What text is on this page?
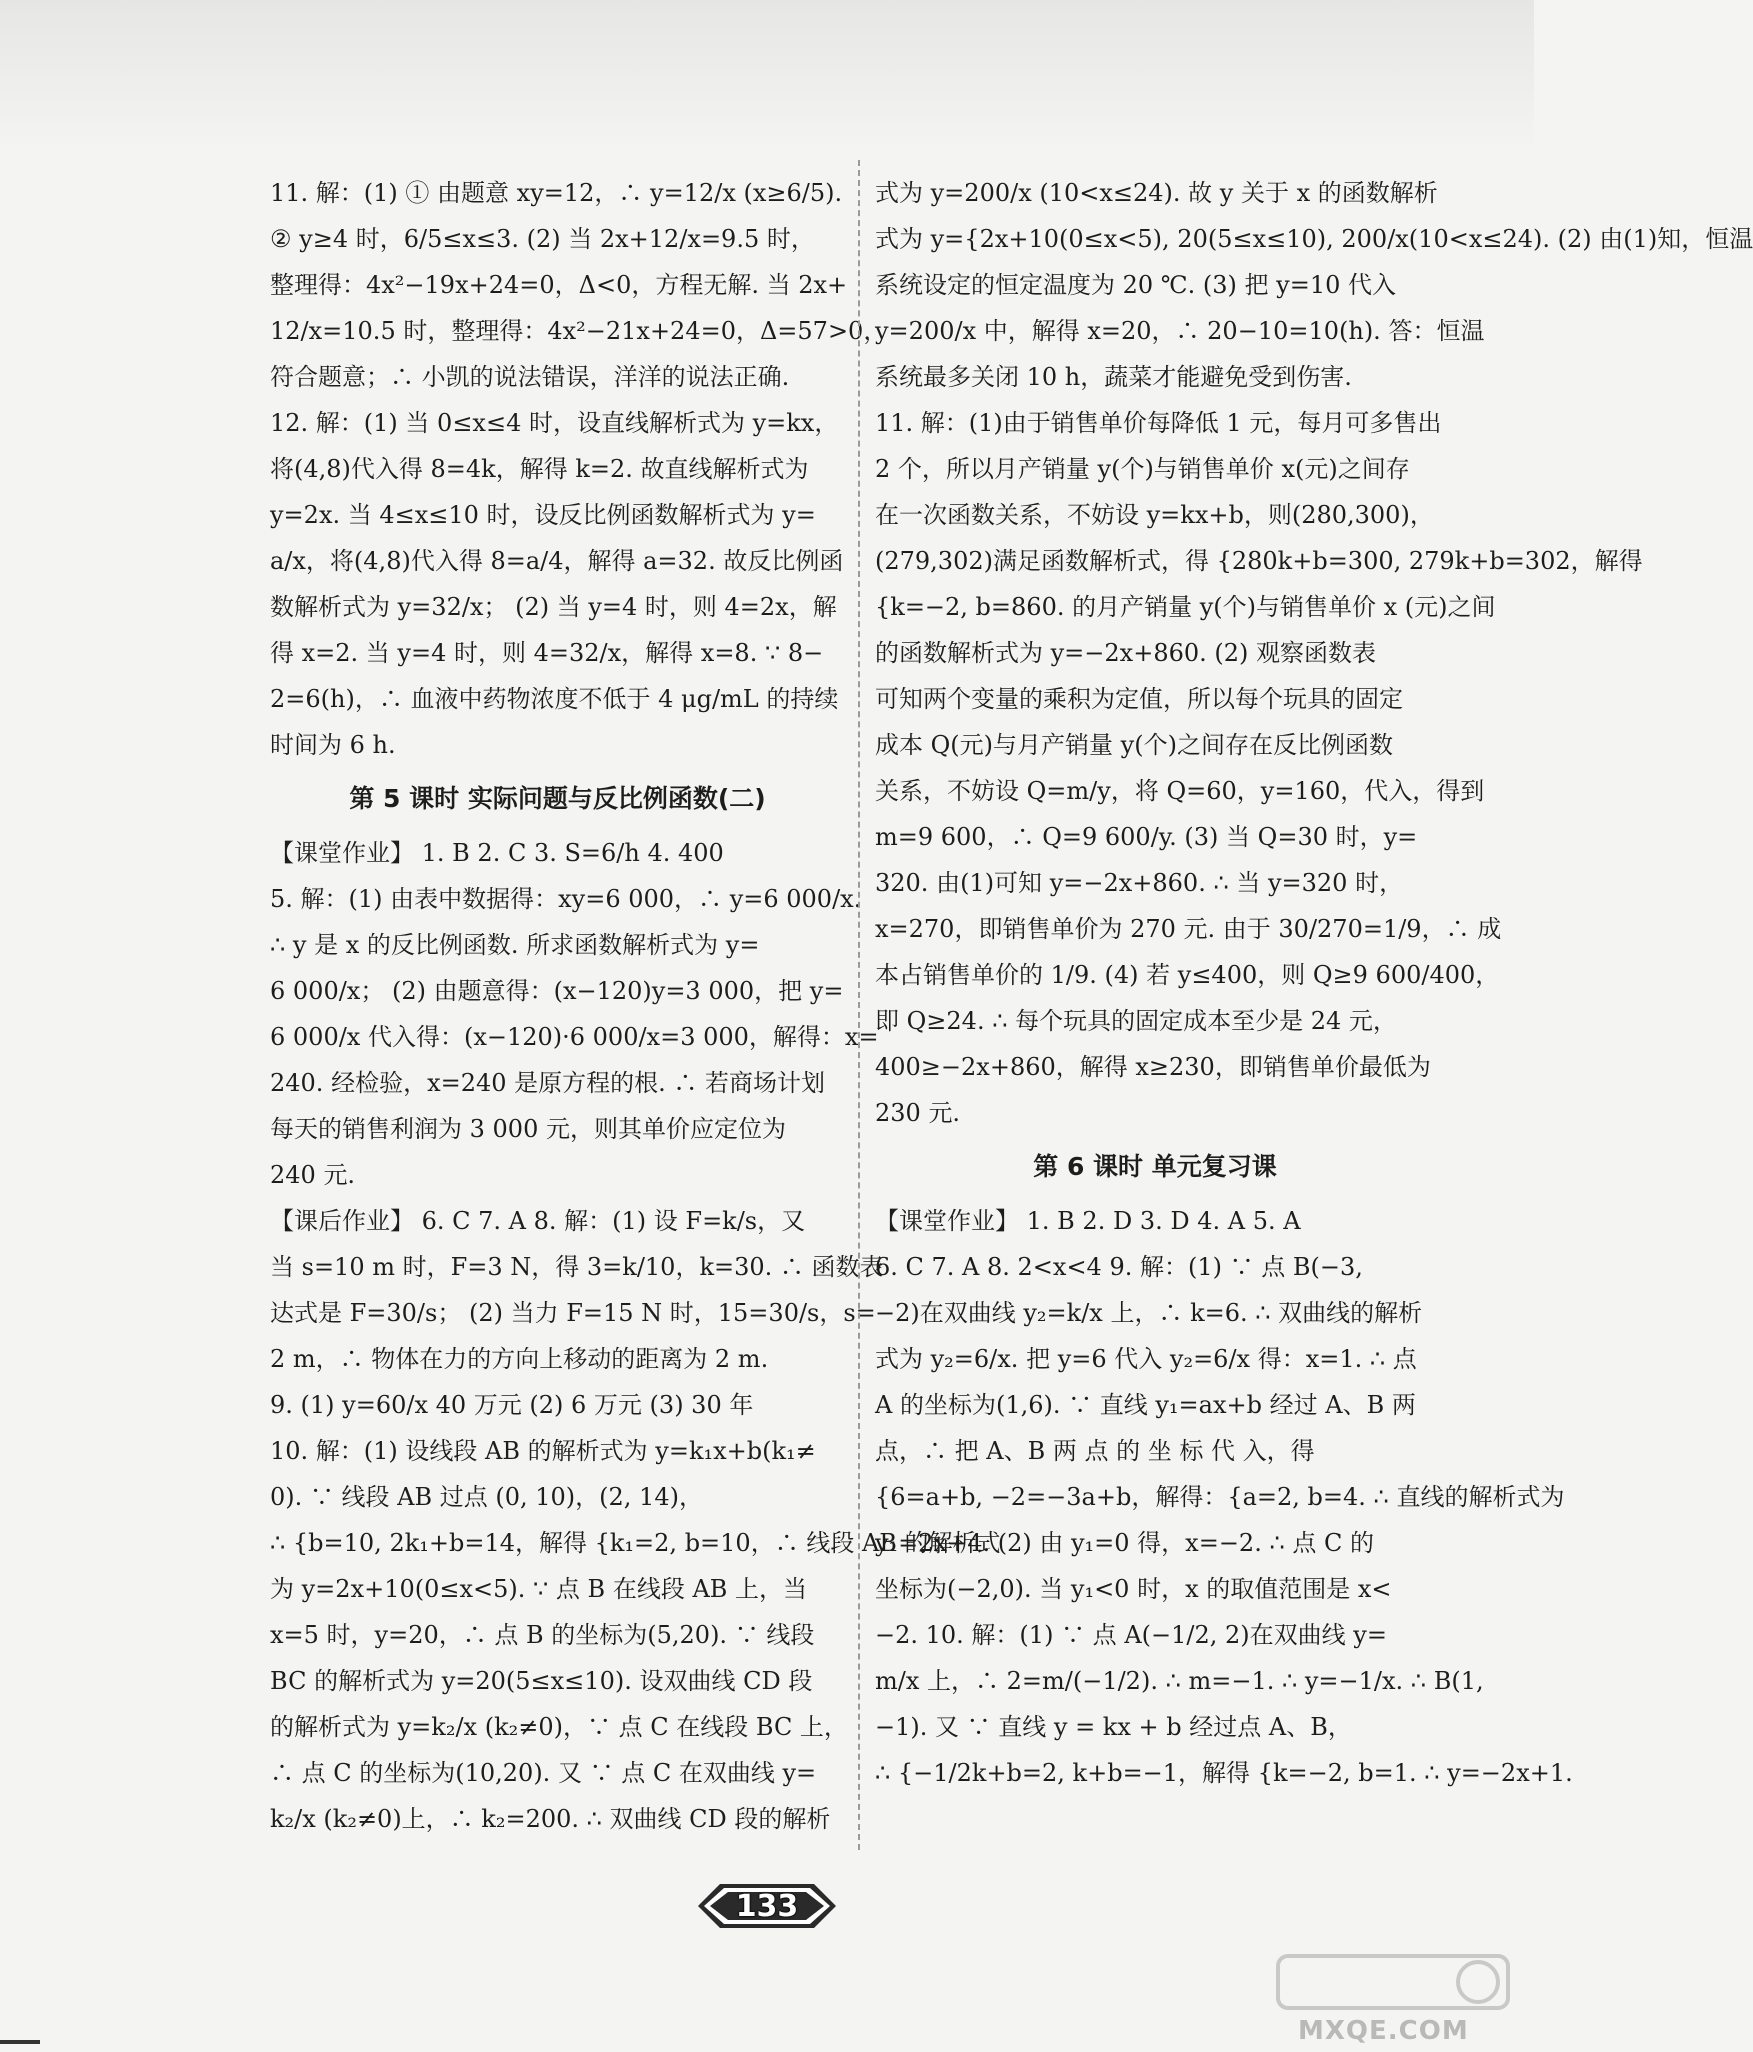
11. 解：(1) ① 由题意 xy=12，∴ y=12/x (x≥6/5).
② y≥4 时，6/5≤x≤3. (2) 当 2x+12/x=9.5 时，
整理得：4x²−19x+24=0，Δ<0，方程无解. 当 2x+
12/x=10.5 时，整理得：4x²−21x+24=0，Δ=57>0，
符合题意；∴ 小凯的说法错误，洋洋的说法正确.
12. 解：(1) 当 0≤x≤4 时，设直线解析式为 y=kx，
将(4,8)代入得 8=4k，解得 k=2. 故直线解析式为
y=2x. 当 4≤x≤10 时，设反比例函数解析式为 y=
a/x，将(4,8)代入得 8=a/4，解得 a=32. 故反比例函
数解析式为 y=32/x； (2) 当 y=4 时，则 4=2x，解
得 x=2. 当 y=4 时，则 4=32/x，解得 x=8. ∵ 8−
2=6(h)，∴ 血液中药物浓度不低于 4 μg/mL 的持续
时间为 6 h.
第 5 课时 实际问题与反比例函数(二)
【课堂作业】 1. B 2. C 3. S=6/h 4. 400
5. 解：(1) 由表中数据得：xy=6 000，∴ y=6 000/x.
∴ y 是 x 的反比例函数. 所求函数解析式为 y=
6 000/x； (2) 由题意得：(x−120)y=3 000，把 y=
6 000/x 代入得：(x−120)·6 000/x=3 000，解得：x=
240. 经检验，x=240 是原方程的根. ∴ 若商场计划
每天的销售利润为 3 000 元，则其单价应定位为
240 元.
【课后作业】 6. C 7. A 8. 解：(1) 设 F=k/s，又
当 s=10 m 时，F=3 N，得 3=k/10，k=30. ∴ 函数表
达式是 F=30/s； (2) 当力 F=15 N 时，15=30/s，s=
2 m，∴ 物体在力的方向上移动的距离为 2 m.
9. (1) y=60/x 40 万元 (2) 6 万元 (3) 30 年
10. 解：(1) 设线段 AB 的解析式为 y=k₁x+b(k₁≠
0). ∵ 线段 AB 过点 (0, 10)，(2, 14)，
∴ {b=10, 2k₁+b=14，解得 {k₁=2, b=10，∴ 线段 AB 的解析式
为 y=2x+10(0≤x<5). ∵ 点 B 在线段 AB 上，当
x=5 时，y=20，∴ 点 B 的坐标为(5,20). ∵ 线段
BC 的解析式为 y=20(5≤x≤10). 设双曲线 CD 段
的解析式为 y=k₂/x (k₂≠0)，∵ 点 C 在线段 BC 上，
∴ 点 C 的坐标为(10,20). 又 ∵ 点 C 在双曲线 y=
k₂/x (k₂≠0)上，∴ k₂=200. ∴ 双曲线 CD 段的解析
式为 y=200/x (10<x≤24). 故 y 关于 x 的函数解析
式为 y={2x+10(0≤x<5), 20(5≤x≤10), 200/x(10<x≤24). (2) 由(1)知，恒温
系统设定的恒定温度为 20 ℃. (3) 把 y=10 代入
y=200/x 中，解得 x=20，∴ 20−10=10(h). 答：恒温
系统最多关闭 10 h，蔬菜才能避免受到伤害.
11. 解：(1)由于销售单价每降低 1 元，每月可多售出
2 个，所以月产销量 y(个)与销售单价 x(元)之间存
在一次函数关系，不妨设 y=kx+b，则(280,300)，
(279,302)满足函数解析式，得 {280k+b=300, 279k+b=302，解得
{k=−2, b=860. 的月产销量 y(个)与销售单价 x (元)之间
的函数解析式为 y=−2x+860. (2) 观察函数表
可知两个变量的乘积为定值，所以每个玩具的固定
成本 Q(元)与月产销量 y(个)之间存在反比例函数
关系，不妨设 Q=m/y，将 Q=60，y=160，代入，得到
m=9 600，∴ Q=9 600/y. (3) 当 Q=30 时，y=
320. 由(1)可知 y=−2x+860. ∴ 当 y=320 时，
x=270，即销售单价为 270 元. 由于 30/270=1/9，∴ 成
本占销售单价的 1/9. (4) 若 y≤400，则 Q≥9 600/400，
即 Q≥24. ∴ 每个玩具的固定成本至少是 24 元，
400≥−2x+860，解得 x≥230，即销售单价最低为
230 元.
第 6 课时 单元复习课
【课堂作业】 1. B 2. D 3. D 4. A 5. A
6. C 7. A 8. 2<x<4 9. 解：(1) ∵ 点 B(−3,
−2)在双曲线 y₂=k/x 上，∴ k=6. ∴ 双曲线的解析
式为 y₂=6/x. 把 y=6 代入 y₂=6/x 得：x=1. ∴ 点
A 的坐标为(1,6). ∵ 直线 y₁=ax+b 经过 A、B 两
点，∴ 把 A、B 两 点 的 坐 标 代 入，得
{6=a+b, −2=−3a+b，解得：{a=2, b=4. ∴ 直线的解析式为
y₁=2x+4. (2) 由 y₁=0 得，x=−2. ∴ 点 C 的
坐标为(−2,0). 当 y₁<0 时，x 的取值范围是 x<
−2. 10. 解：(1) ∵ 点 A(−1/2, 2)在双曲线 y=
m/x 上，∴ 2=m/(−1/2). ∴ m=−1. ∴ y=−1/x. ∴ B(1,
−1). 又 ∵ 直线 y = kx + b 经过点 A、B，
∴ {−1/2k+b=2, k+b=−1，解得 {k=−2, b=1. ∴ y=−2x+1.
133
MXQE.COM
